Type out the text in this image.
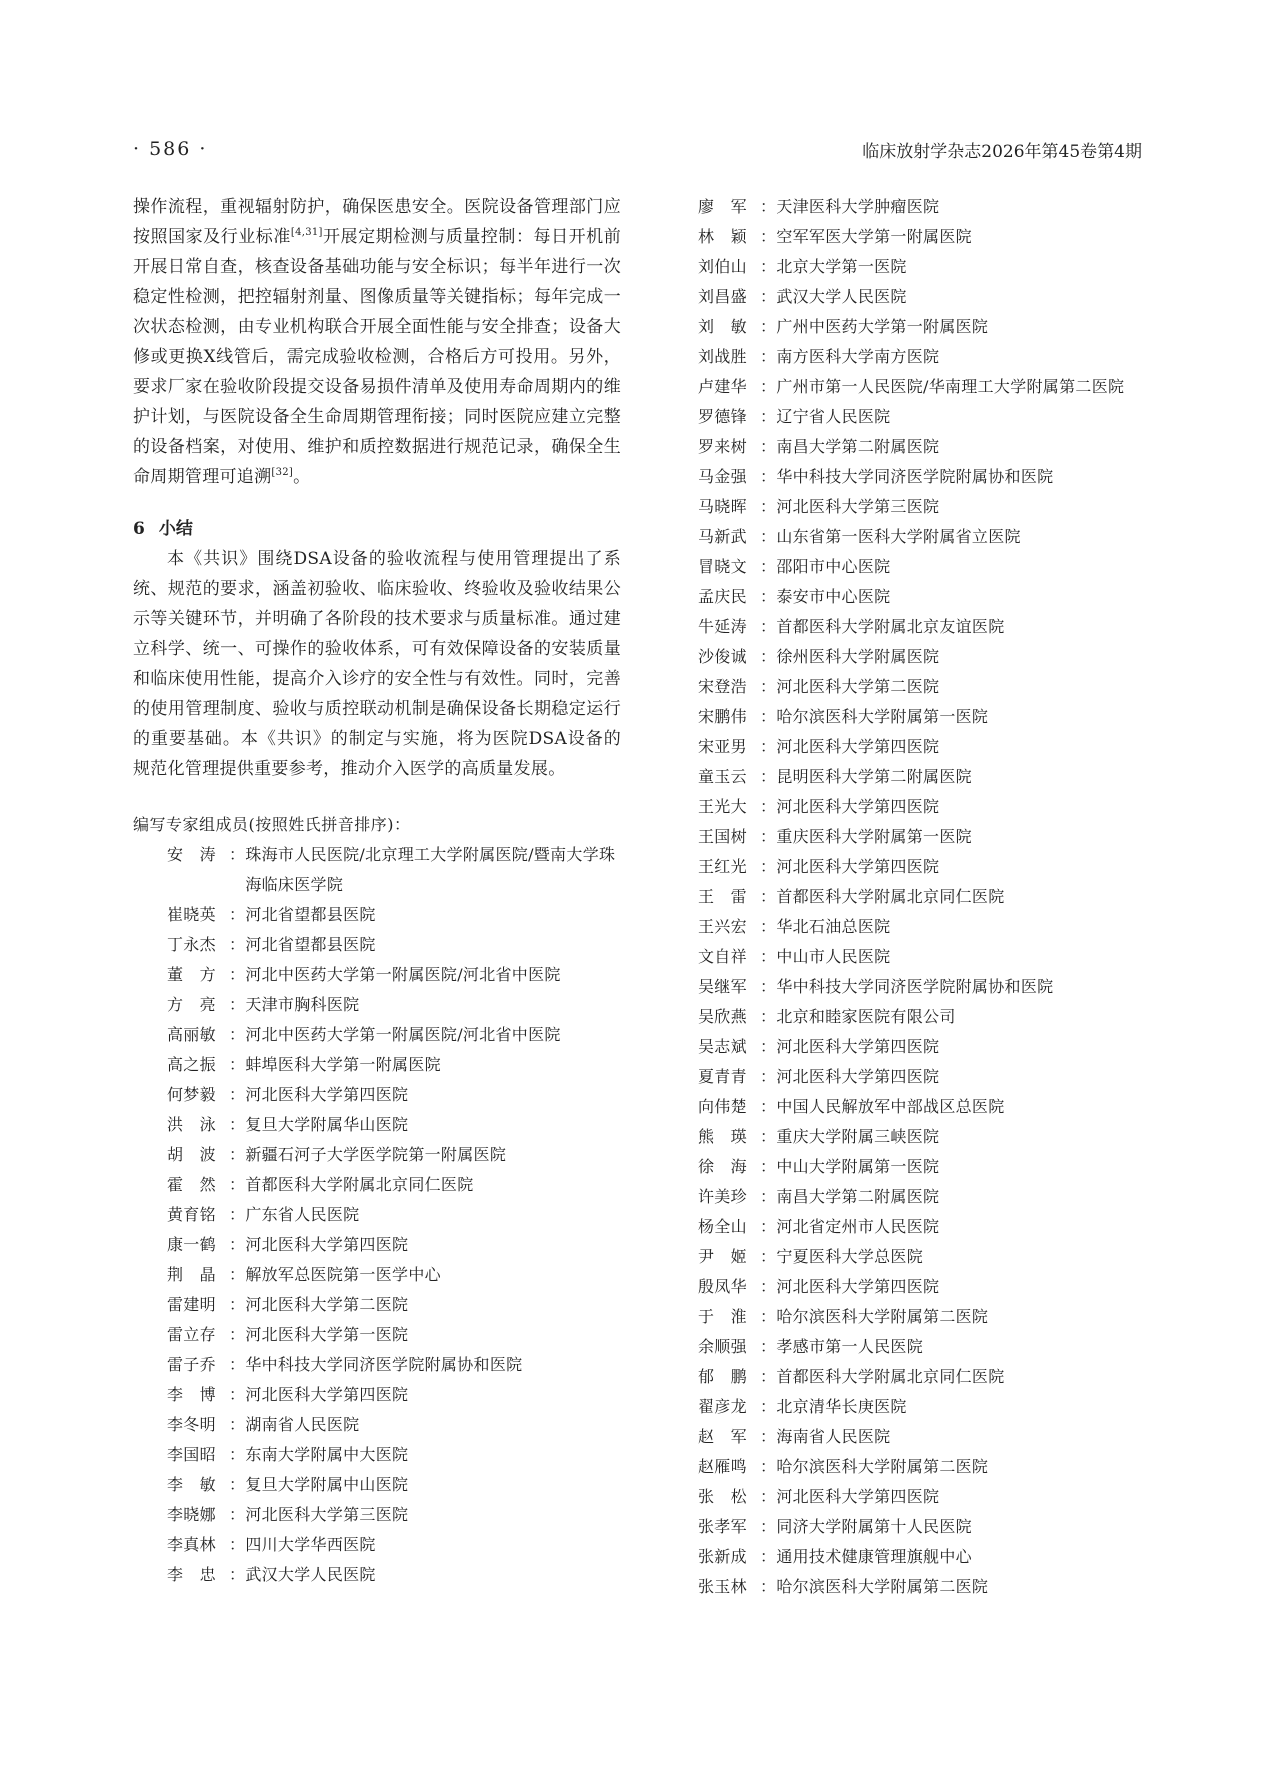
· 586 ·	临床放射学杂志2026年第45卷第4期

操作流程，重视辐射防护，确保医患安全。医院设备管理部门应按照国家及行业标准[4,31]开展定期检测与质量控制：每日开机前开展日常自查，核查设备基础功能与安全标识；每半年进行一次稳定性检测，把控辐射剂量、图像质量等关键指标；每年完成一次状态检测，由专业机构联合开展全面性能与安全排查；设备大修或更换X线管后，需完成验收检测，合格后方可投用。另外，要求厂家在验收阶段提交设备易损件清单及使用寿命周期内的维护计划，与医院设备全生命周期管理衔接；同时医院应建立完整的设备档案，对使用、维护和质控数据进行规范记录，确保全生命周期管理可追溯[32]。

6 小结

本《共识》围绕DSA设备的验收流程与使用管理提出了系统、规范的要求，涵盖初验收、临床验收、终验收及验收结果公示等关键环节，并明确了各阶段的技术要求与质量标准。通过建立科学、统一、可操作的验收体系，可有效保障设备的安装质量和临床使用性能，提高介入诊疗的安全性与有效性。同时，完善的使用管理制度、验收与质控联动机制是确保设备长期稳定运行的重要基础。本《共识》的制定与实施，将为医院DSA设备的规范化管理提供重要参考，推动介入医学的高质量发展。

编写专家组成员(按照姓氏拼音排序)：
安　涛 ： 珠海市人民医院/北京理工大学附属医院/暨南大学珠海临床医学院
崔晓英 ： 河北省望都县医院
丁永杰 ： 河北省望都县医院
董　方 ： 河北中医药大学第一附属医院/河北省中医院
方　亮 ： 天津市胸科医院
高丽敏 ： 河北中医药大学第一附属医院/河北省中医院
高之振 ： 蚌埠医科大学第一附属医院
何梦毅 ： 河北医科大学第四医院
洪　泳 ： 复旦大学附属华山医院
胡　波 ： 新疆石河子大学医学院第一附属医院
霍　然 ： 首都医科大学附属北京同仁医院
黄育铭 ： 广东省人民医院
康一鹤 ： 河北医科大学第四医院
荆　晶 ： 解放军总医院第一医学中心
雷建明 ： 河北医科大学第二医院
雷立存 ： 河北医科大学第一医院
雷子乔 ： 华中科技大学同济医学院附属协和医院
李　博 ： 河北医科大学第四医院
李冬明 ： 湖南省人民医院
李国昭 ： 东南大学附属中大医院
李　敏 ： 复旦大学附属中山医院
李晓娜 ： 河北医科大学第三医院
李真林 ： 四川大学华西医院
李　忠 ： 武汉大学人民医院
廖　军 ： 天津医科大学肿瘤医院
林　颖 ： 空军军医大学第一附属医院
刘伯山 ： 北京大学第一医院
刘昌盛 ： 武汉大学人民医院
刘　敏 ： 广州中医药大学第一附属医院
刘战胜 ： 南方医科大学南方医院
卢建华 ： 广州市第一人民医院/华南理工大学附属第二医院
罗德锋 ： 辽宁省人民医院
罗来树 ： 南昌大学第二附属医院
马金强 ： 华中科技大学同济医学院附属协和医院
马晓晖 ： 河北医科大学第三医院
马新武 ： 山东省第一医科大学附属省立医院
冒晓文 ： 邵阳市中心医院
孟庆民 ： 泰安市中心医院
牛延涛 ： 首都医科大学附属北京友谊医院
沙俊诚 ： 徐州医科大学附属医院
宋登浩 ： 河北医科大学第二医院
宋鹏伟 ： 哈尔滨医科大学附属第一医院
宋亚男 ： 河北医科大学第四医院
童玉云 ： 昆明医科大学第二附属医院
王光大 ： 河北医科大学第四医院
王国树 ： 重庆医科大学附属第一医院
王红光 ： 河北医科大学第四医院
王　雷 ： 首都医科大学附属北京同仁医院
王兴宏 ： 华北石油总医院
文自祥 ： 中山市人民医院
吴继军 ： 华中科技大学同济医学院附属协和医院
吴欣燕 ： 北京和睦家医院有限公司
吴志斌 ： 河北医科大学第四医院
夏青青 ： 河北医科大学第四医院
向伟楚 ： 中国人民解放军中部战区总医院
熊　瑛 ： 重庆大学附属三峡医院
徐　海 ： 中山大学附属第一医院
许美珍 ： 南昌大学第二附属医院
杨全山 ： 河北省定州市人民医院
尹　姬 ： 宁夏医科大学总医院
殷凤华 ： 河北医科大学第四医院
于　淮 ： 哈尔滨医科大学附属第二医院
余顺强 ： 孝感市第一人民医院
郁　鹏 ： 首都医科大学附属北京同仁医院
翟彦龙 ： 北京清华长庚医院
赵　军 ： 海南省人民医院
赵雁鸣 ： 哈尔滨医科大学附属第二医院
张　松 ： 河北医科大学第四医院
张孝军 ： 同济大学附属第十人民医院
张新成 ： 通用技术健康管理旗舰中心
张玉林 ： 哈尔滨医科大学附属第二医院
